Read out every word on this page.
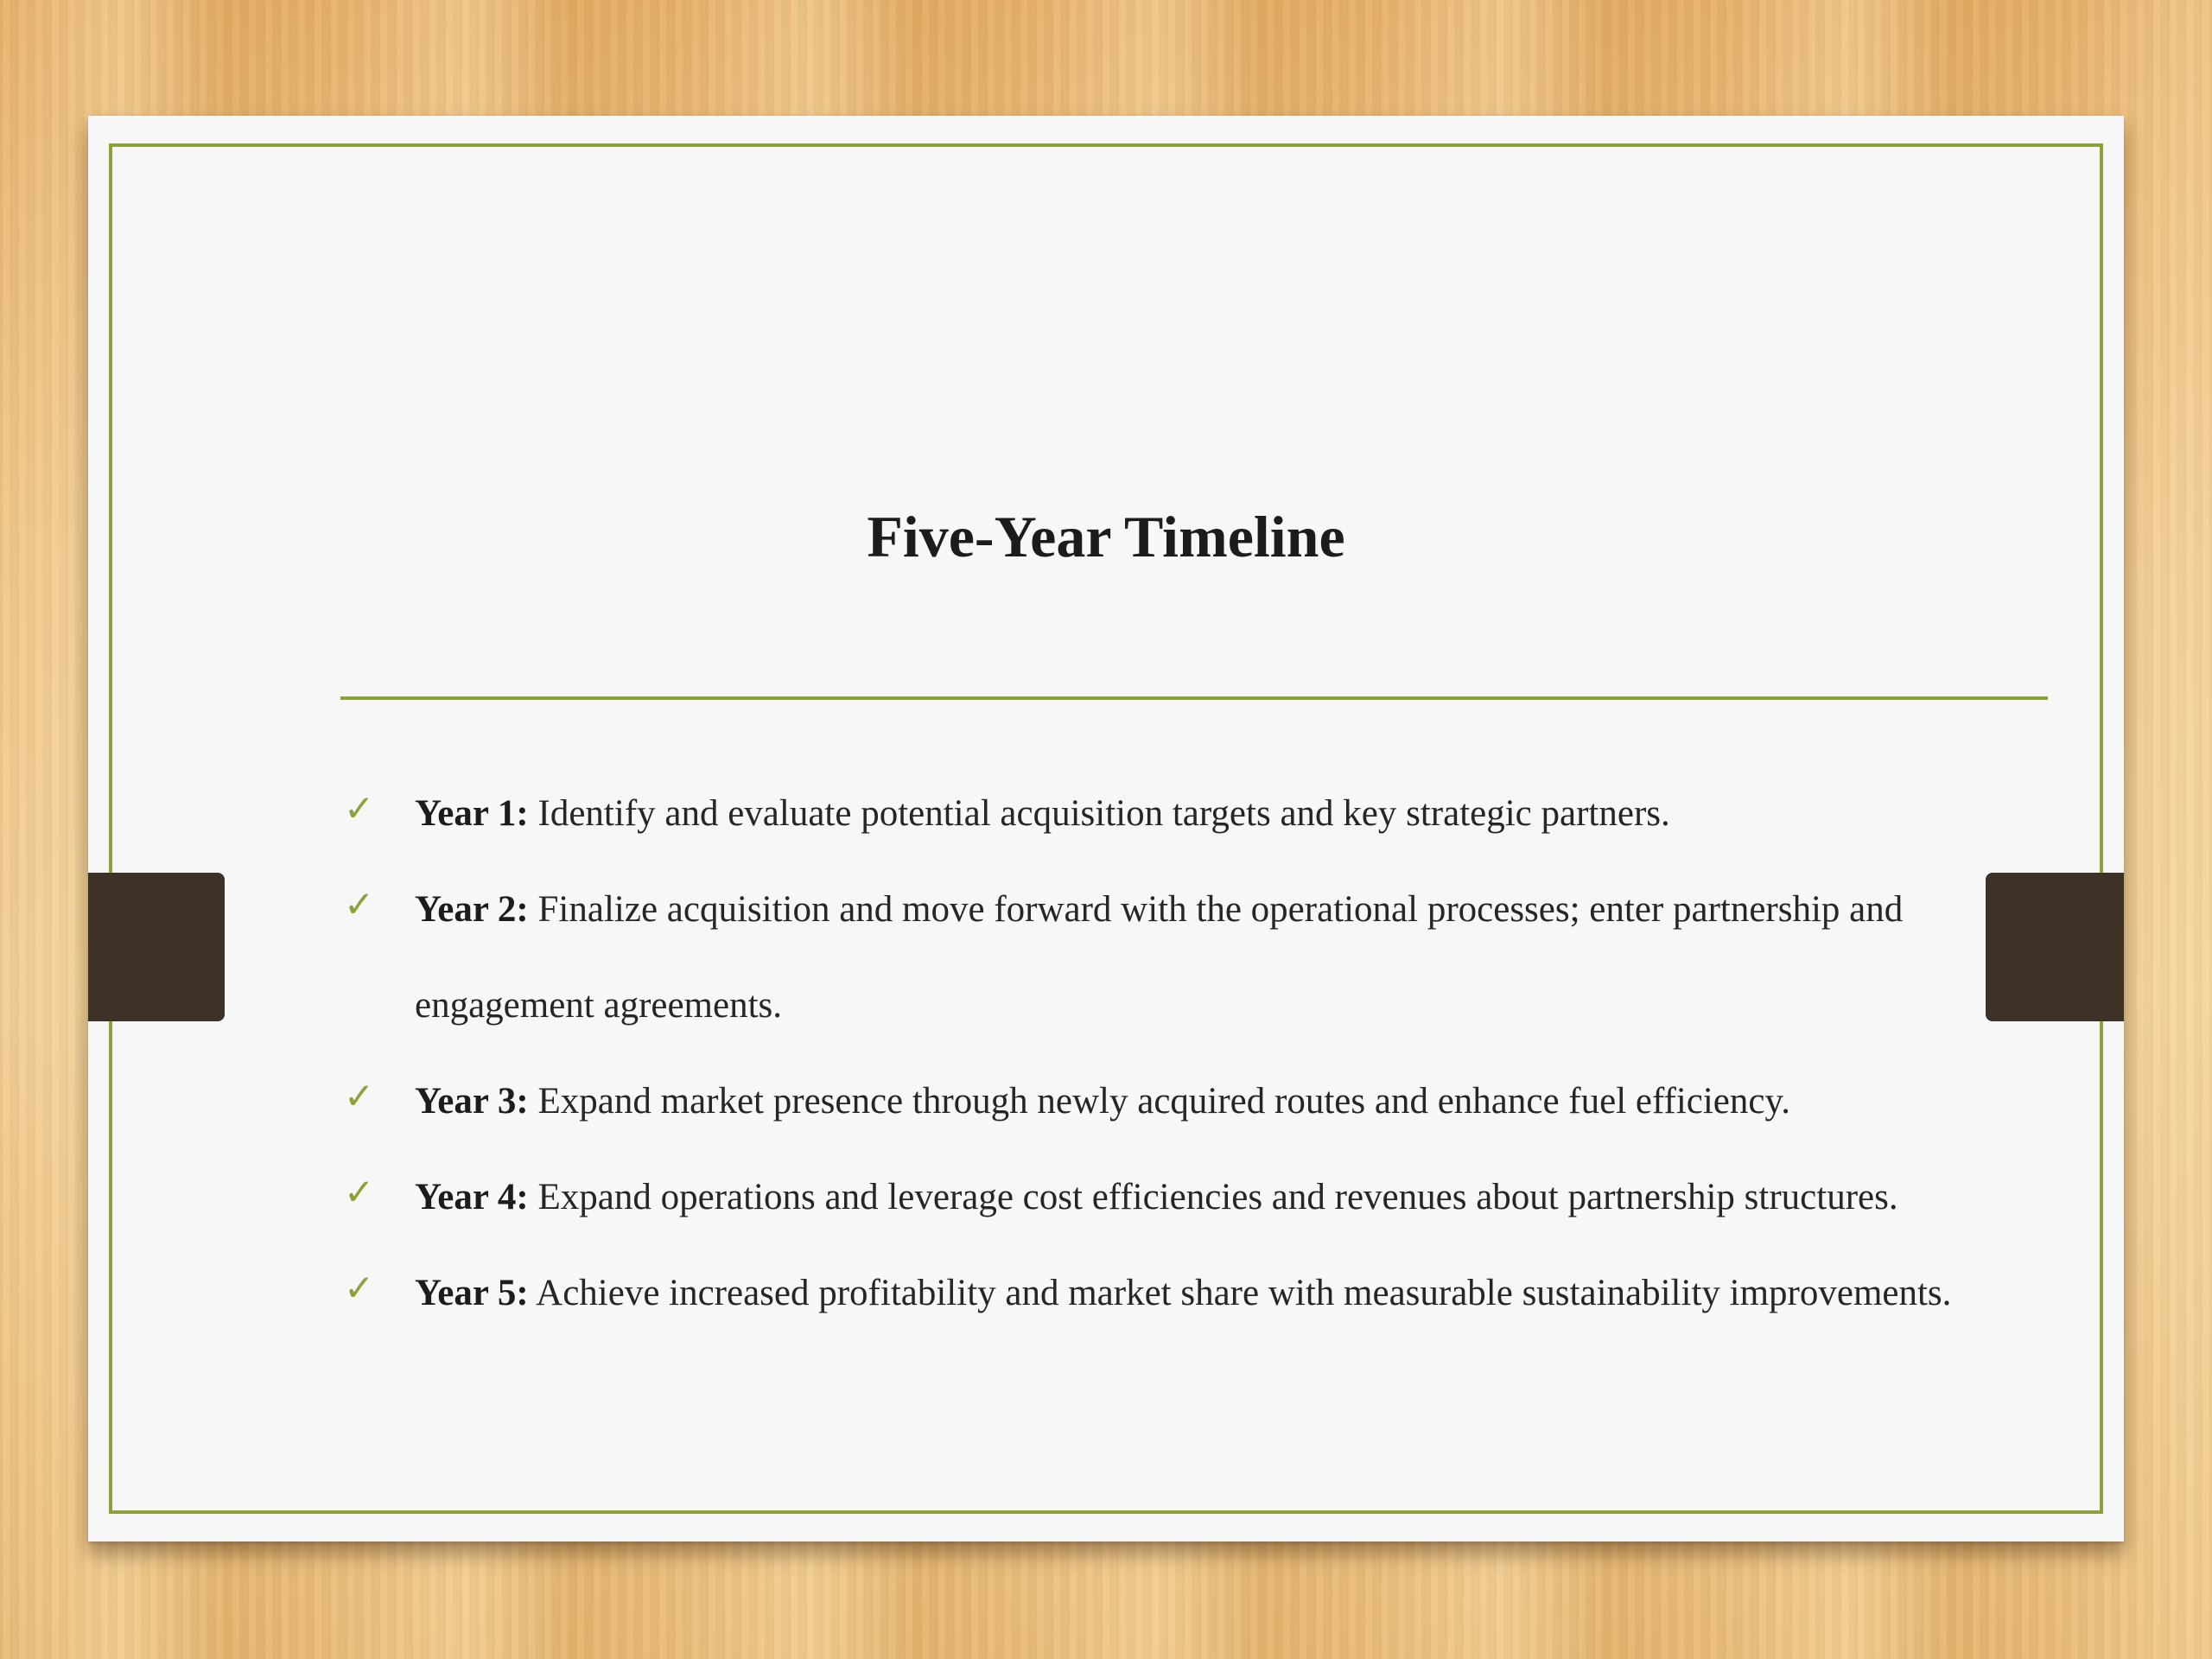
Five-Year Timeline
✓ Year 1: Identify and evaluate potential acquisition targets and key strategic partners.
✓ Year 2: Finalize acquisition and move forward with the operational processes; enter partnership and engagement agreements.
✓ Year 3: Expand market presence through newly acquired routes and enhance fuel efficiency.
✓ Year 4: Expand operations and leverage cost efficiencies and revenues about partnership structures.
✓ Year 5: Achieve increased profitability and market share with measurable sustainability improvements.
